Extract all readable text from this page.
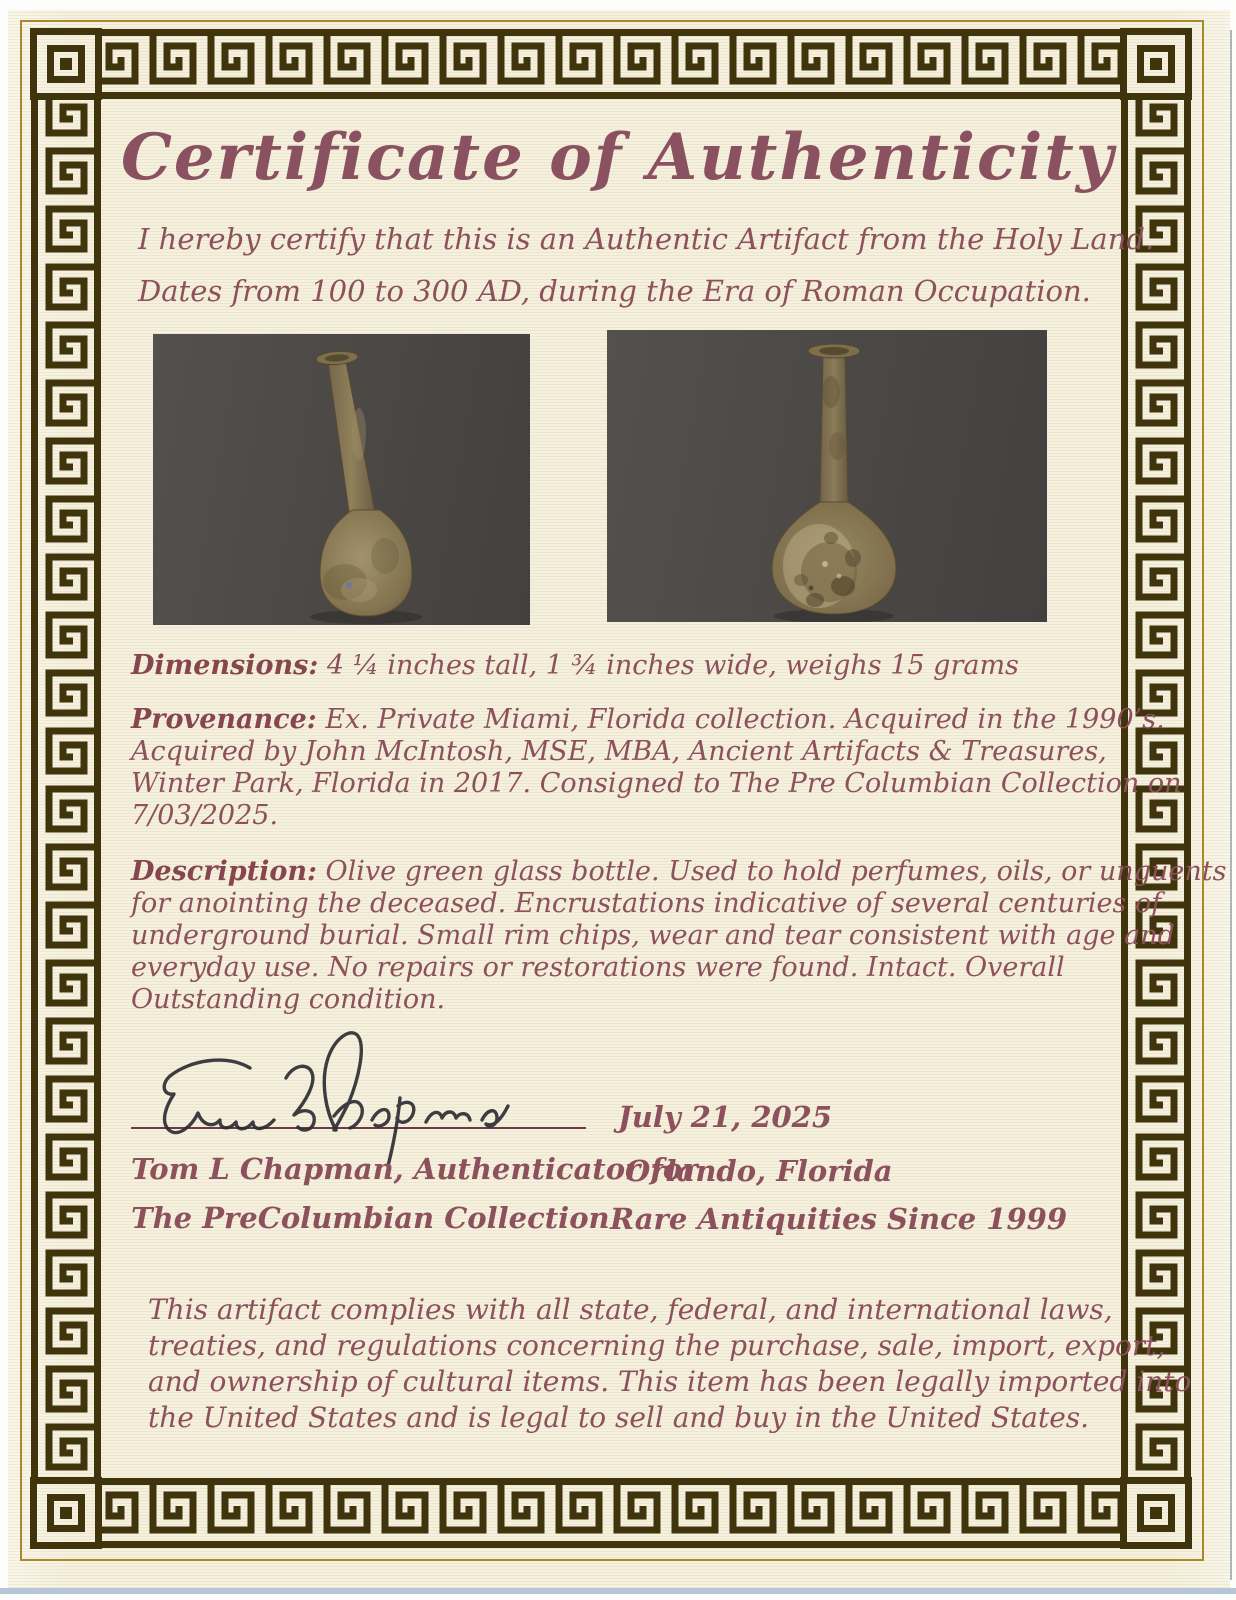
Certificate of Authenticity
I hereby certify that this is an Authentic Artifact from the Holy Land.
Dates from 100 to 300 AD, during the Era of Roman Occupation.
Dimensions: 4 ¼ inches tall, 1 ¾ inches wide, weighs 15 grams
Provenance: Ex. Private Miami, Florida collection. Acquired in the 1990’s.
Acquired by John McIntosh, MSE, MBA, Ancient Artifacts & Treasures,
Winter Park, Florida in 2017. Consigned to The Pre Columbian Collection on
7/03/2025.
Description: Olive green glass bottle. Used to hold perfumes, oils, or unguents
for anointing the deceased. Encrustations indicative of several centuries of
underground burial. Small rim chips, wear and tear consistent with age and
everyday use. No repairs or restorations were found. Intact. Overall
Outstanding condition.
July 21, 2025
Tom L Chapman, Authenticator for
Orlando, Florida
The PreColumbian Collection Rare Antiquities Since 1999
This artifact complies with all state, federal, and international laws,
treaties, and regulations concerning the purchase, sale, import, export,
and ownership of cultural items. This item has been legally imported into
the United States and is legal to sell and buy in the United States.
